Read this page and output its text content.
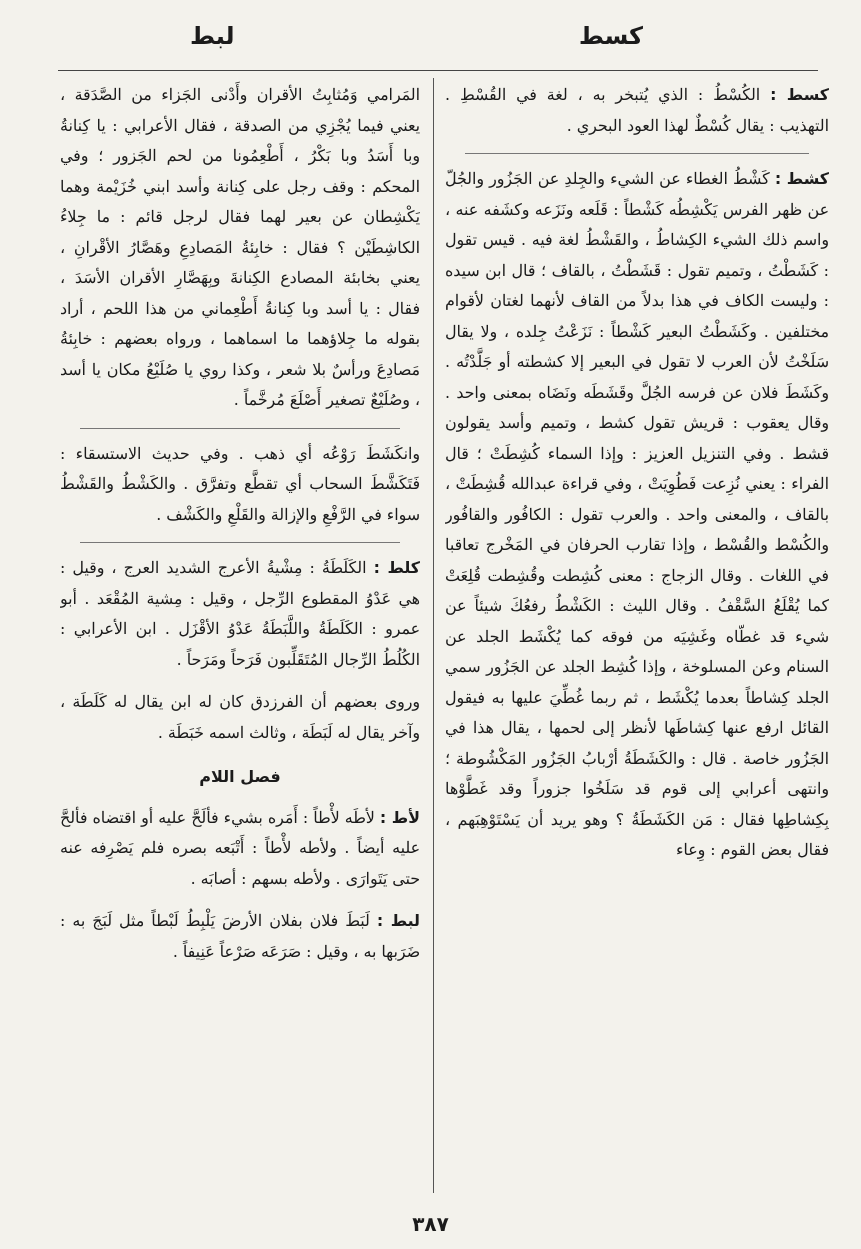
كسط
لبط

كسط : الكُسْطُ : الذي يُتبخر به ، لغة في القُسْطِ . التهذيب : يقال كُسْطٌ لهذا العود البحري .

كشط : كَشْطُ الغطاء عن الشيء والجِلدِ عن الجَزُور والجُلّ عن ظهر الفرس يَكْشِطُه كَشْطاً : قَلَعه ونَزَعه وكشَفه عنه ، واسم ذلك الشيء الكِشاطُ ، والقَشْطُ لغة فيه . قيس تقول : كَشَطْتُ ، وتميم تقول : قَشَطْتُ ، بالقاف ؛ قال ابن سيده : وليست الكاف في هذا بدلاً من القاف لأنهما لغتان لأقوام مختلفين . وكَشَطْتُ البعير كَشْطاً : نَزَعْتُ جِلده ، ولا يقال سَلَخْتُ لأن العرب لا تقول في البعير إلا كشطته أو جَلَّدْتُه . وكَشَطَ فلان عن فرسه الجُلَّ وقَشَطَه ونَضَاه بمعنى واحد . وقال يعقوب : قريش تقول كشط ، وتميم وأسد يقولون قشط . وفي التنزيل العزيز : وإذا السماء كُشِطَتْ ؛ قال الفراء : يعني نُزِعت فَطُوِيَتْ ، وفي قراءة عبدالله قُشِطَتْ ، بالقاف ، والمعنى واحد . والعرب تقول : الكافُور والقافُور والكُسْط والقُسْط ، وإذا تقارب الحرفان في المَخْرج تعاقبا في اللغات . وقال الزجاج : معنى كُشِطت وقُشِطت قُلِعَتْ كما يُقْلَعُ السَّقْفُ . وقال الليث : الكَشْطُ رفعُكَ شيئاً عن شيء قد غطّاه وغَشِيَه من فوقه كما يُكْشَط الجلد عن السنام وعن المسلوخة ، وإذا كُشِط الجلد عن الجَزُور سمي الجلد كِشاطاً بعدما يُكْشَط ، ثم ربما غُطِّيَ عليها به فيقول القائل ارفع عنها كِشاطَها لأنظر إلى لحمها ، يقال هذا في الجَزُور خاصة . قال : والكَشَطَةُ أرْبابُ الجَزُور المَكْشُوطة ؛ وانتهى أعرابي إلى قوم قد سَلَخُوا جزوراً وقد غَطَّوْها بِكِشاطِها فقال : مَن الكَشَطَةُ ؟ وهو يريد أن يَسْتَوْهِبَهم ، فقال بعض القوم : وِعاء

المَرامي وَمُثابِتُ الأقران وأَدْنى الجَزاء من الصَّدَقة ، يعني فيما يُجْزِي من الصدقة ، فقال الأعرابي : يا كِنانةُ وبا أَسَدُ وبا بَكْرُ ، أَطْعِمُونا من لحم الجَزور ؛ وفي المحكم : وقف رجل على كِنانة وأسد ابني خُزَيْمة وهما يَكْشِطان عن بعير لهما فقال لرجل قائم : ما جِلاءُ الكاشِطَيْن ؟ فقال : خابِئةُ المَصادِعِ وهَصَّارُ الأقْرانِ ، يعني بخابئة المصادع الكِنانةَ وبِهَصَّارِ الأقران الأسَدَ ، فقال : يا أسد وبا كِنانةُ أَطْعِماني من هذا اللحم ، أراد بقوله ما جِلاؤهما ما اسماهما ، ورواه بعضهم : خابِئةُ مَصادِعَ ورأسٌ بلا شعر ، وكذا روي يا صُلَيْعُ مكان يا أسد ، وصُلَيْعٌ تصغير أَصْلَعَ مُرخَّماً .

وانكَشَطَ رَوْعُه أي ذهب . وفي حديث الاستسقاء : فَتَكَشَّطَ السحاب أي تقطَّع وتفرَّق . والكَشْطُ والقَشْطُ سواء في الرَّفْعِ والإزالة والقَلْعِ والكَشْف .

كلط : الكَلَطَةُ : مِشْيةُ الأعرج الشديد العرج ، وقيل : هي عَدْوُ المقطوع الرِّجل ، وقيل : مِشية المُقْعَد . أبو عمرو : الكَلَطَةُ واللَّبَطَةُ عَدْوُ الأقْزَل . ابن الأعرابي : الكُلُطُ الرِّجال المُتَقَلِّبون فَرَحاً ومَرَحاً .

وروى بعضهم أن الفرزدق كان له ابن يقال له كَلَطَة ، وآخر يقال له لَبَطَة ، وثالث اسمه خَبَطَة .

فصل اللام

لأط : لأطَه لأْطاً : أَمَره بشيء فألَحَّ عليه أو اقتضاه فألحَّ عليه أيضاً . ولأطه لأْطاً : أَتْبَعه بصره فلم يَصْرِفه عنه حتى يَتَوارَى . ولأطه بسهم : أصابَه .

لبط : لَبَطَ فلان بفلان الأرضَ يَلْبِطُ لَبْطاً مثل لَبَجَ به : ضَرَبها به ، وقيل : صَرَعَه صَرْعاً عَنِيفاً .

٣٨٧
